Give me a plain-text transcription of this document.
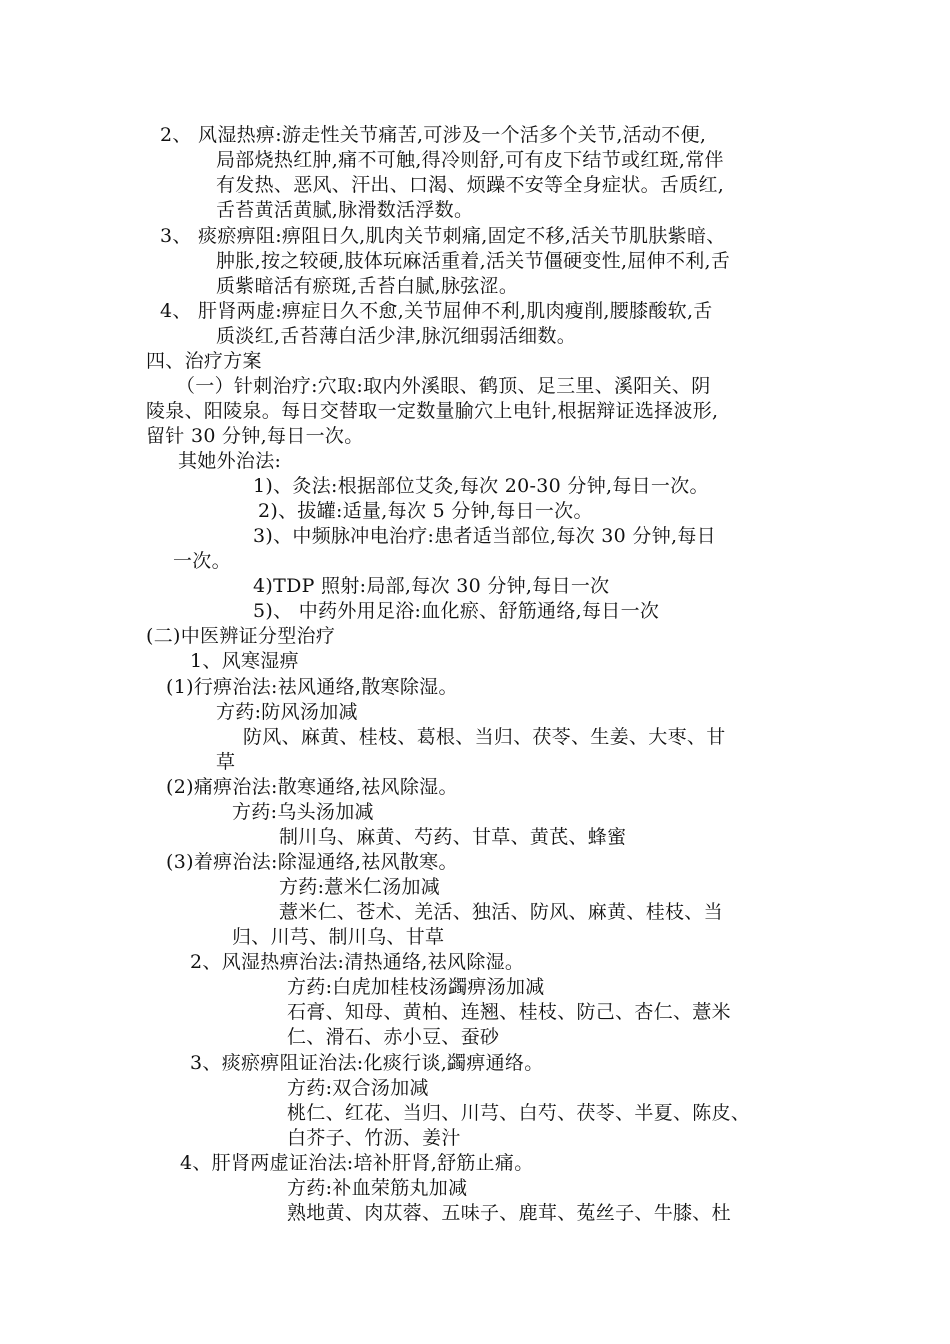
2、 风湿热痹:游走性关节痛苦,可涉及一个活多个关节,活动不便,
局部烧热红肿,痛不可触,得冷则舒,可有皮下结节或红斑,常伴
有发热、恶风、汗出、口渴、烦躁不安等全身症状。舌质红,
舌苔黄活黄腻,脉滑数活浮数。
3、 痰瘀痹阻:痹阻日久,肌肉关节刺痛,固定不移,活关节肌肤紫暗、
肿胀,按之较硬,肢体玩麻活重着,活关节僵硬变性,屈伸不利,舌
质紫暗活有瘀斑,舌苔白腻,脉弦涩。
4、 肝肾两虚:痹症日久不愈,关节屈伸不利,肌肉瘦削,腰膝酸软,舌
质淡红,舌苔薄白活少津,脉沉细弱活细数。
四、治疗方案
（一）针刺治疗:穴取:取内外溪眼、鹤顶、足三里、溪阳关、阴
陵泉、阳陵泉。每日交替取一定数量腧穴上电针,根据辩证选择波形,
留针 30 分钟,每日一次。
其她外治法:
1)、灸法:根据部位艾灸,每次 20-30 分钟,每日一次。
2)、拔罐:适量,每次 5 分钟,每日一次。
3)、中频脉冲电治疗:患者适当部位,每次 30 分钟,每日
一次。
4)TDP 照射:局部,每次 30 分钟,每日一次
5)、 中药外用足浴:血化瘀、舒筋通络,每日一次
(二)中医辨证分型治疗
1、风寒湿痹
(1)行痹治法:祛风通络,散寒除湿。
方药:防风汤加减
防风、麻黄、桂枝、葛根、当归、茯苓、生姜、大枣、甘
草
(2)痛痹治法:散寒通络,祛风除湿。
方药:乌头汤加减
制川乌、麻黄、芍药、甘草、黄芪、蜂蜜
(3)着痹治法:除湿通络,祛风散寒。
方药:薏米仁汤加减
薏米仁、苍术、羌活、独活、防风、麻黄、桂枝、当
归、川芎、制川乌、甘草
2、风湿热痹治法:清热通络,祛风除湿。
方药:白虎加桂枝汤蠲痹汤加减
石膏、知母、黄柏、连翘、桂枝、防己、杏仁、薏米
仁、滑石、赤小豆、蚕砂
3、痰瘀痹阻证治法:化痰行谈,蠲痹通络。
方药:双合汤加减
桃仁、红花、当归、川芎、白芍、茯苓、半夏、陈皮、
白芥子、竹沥、姜汁
4、肝肾两虚证治法:培补肝肾,舒筋止痛。
方药:补血荣筋丸加减
熟地黄、肉苁蓉、五味子、鹿茸、菟丝子、牛膝、杜
